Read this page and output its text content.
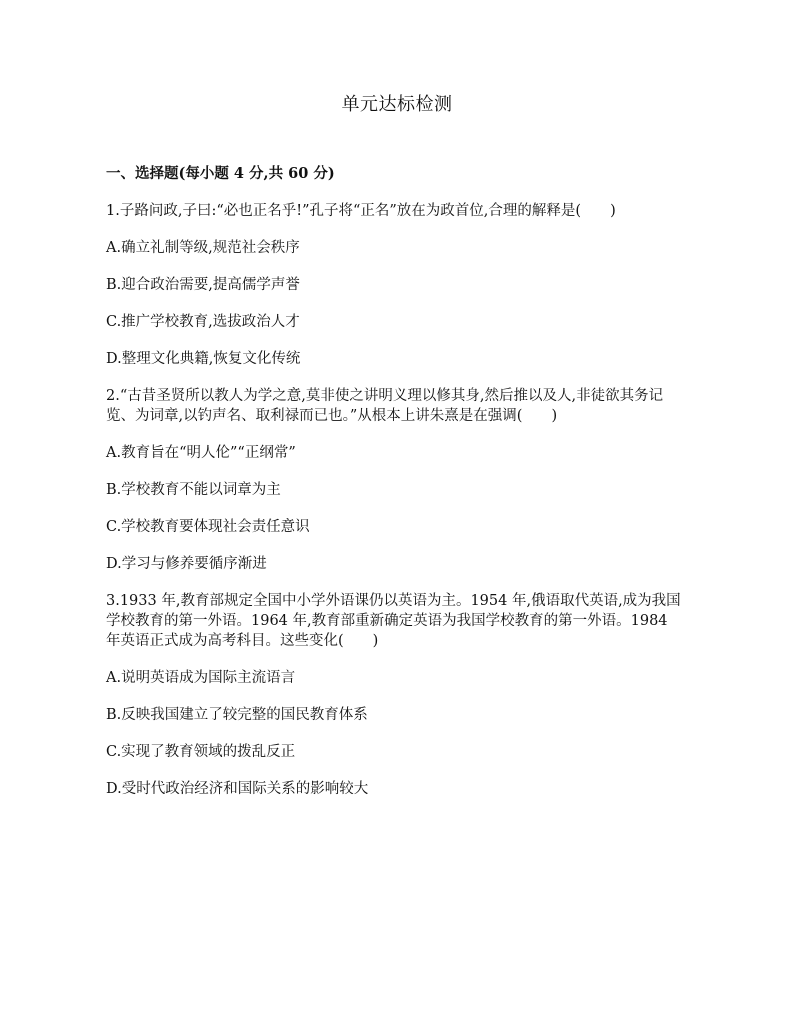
单元达标检测
一、选择题(每小题 4 分,共 60 分)
1.子路问政,子曰:“必也正名乎!”孔子将“正名”放在为政首位,合理的解释是(   )
A.确立礼制等级,规范社会秩序
B.迎合政治需要,提高儒学声誉
C.推广学校教育,选拔政治人才
D.整理文化典籍,恢复文化传统
2.“古昔圣贤所以教人为学之意,莫非使之讲明义理以修其身,然后推以及人,非徒欲其务记览、为词章,以钓声名、取利禄而已也。”从根本上讲朱熹是在强调(   )
A.教育旨在“明人伦”“正纲常”
B.学校教育不能以词章为主
C.学校教育要体现社会责任意识
D.学习与修养要循序渐进
3.1933 年,教育部规定全国中小学外语课仍以英语为主。1954 年,俄语取代英语,成为我国学校教育的第一外语。1964 年,教育部重新确定英语为我国学校教育的第一外语。1984 年英语正式成为高考科目。这些变化(   )
A.说明英语成为国际主流语言
B.反映我国建立了较完整的国民教育体系
C.实现了教育领域的拨乱反正
D.受时代政治经济和国际关系的影响较大
